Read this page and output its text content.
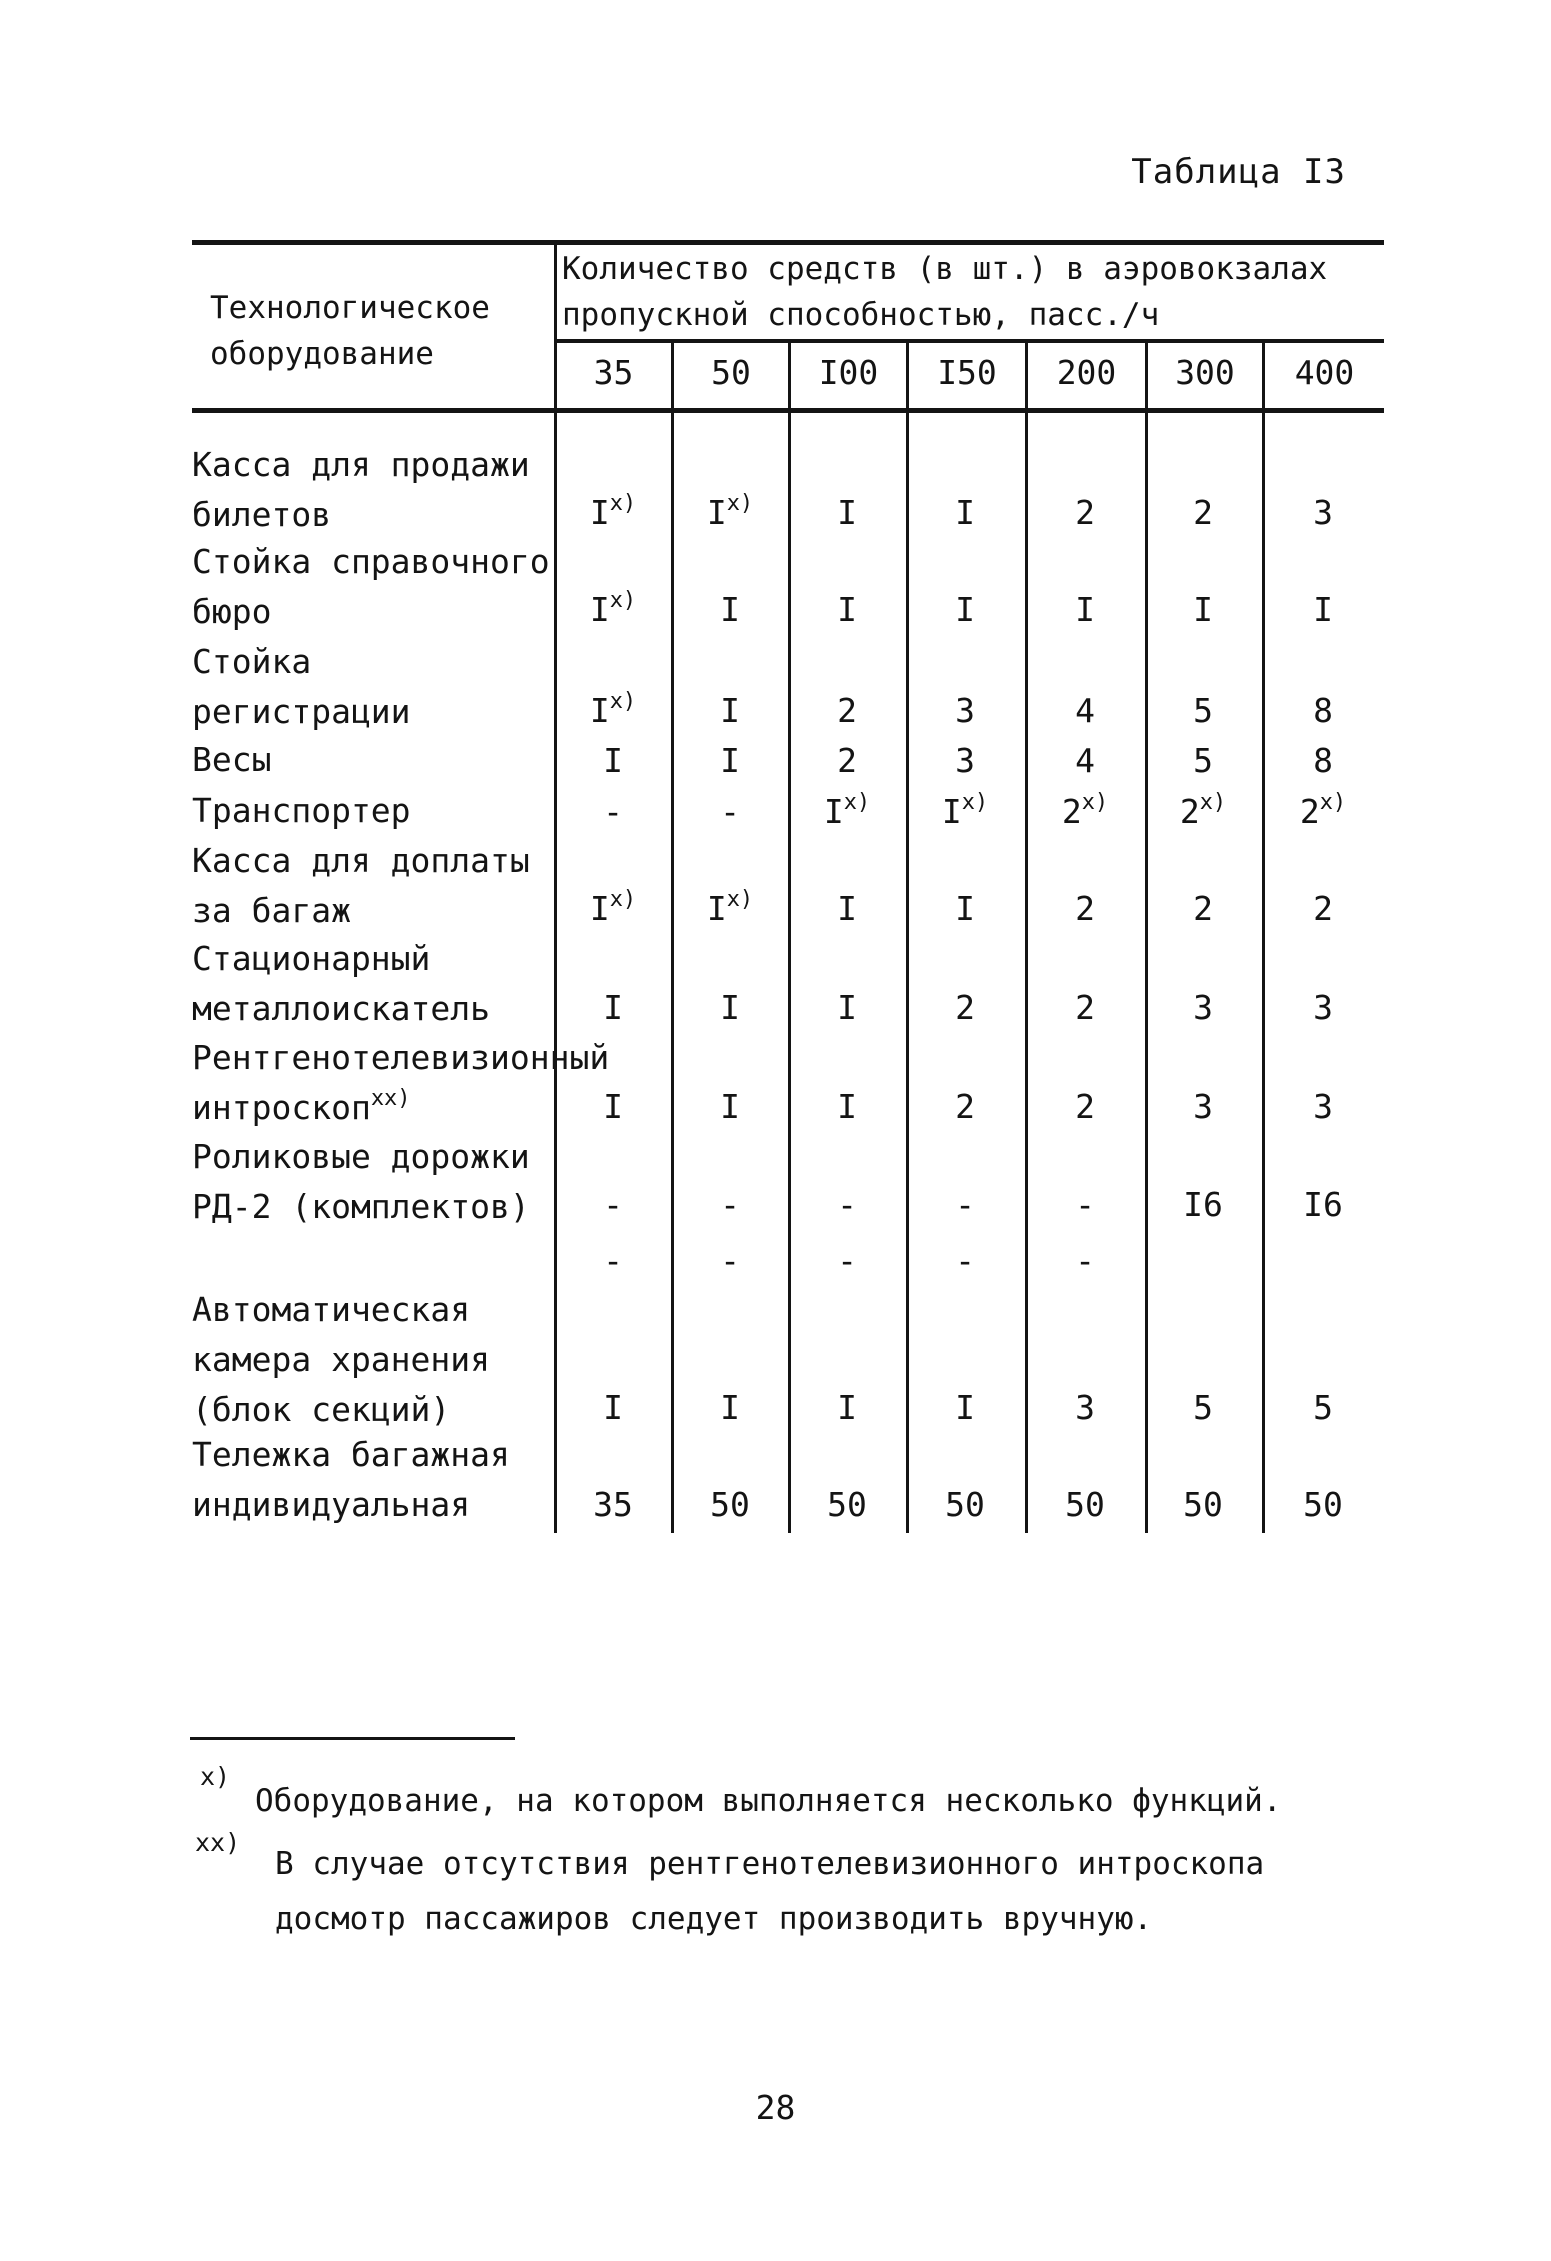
Таблица I3
Технологическое оборудование
Количество средств (в шт.) в аэровокзалах пропускной способностью, пасс./ч
35	50	I00	I50	200	300	400
Касса для продажи билетов	$I^{х)}$	$I^{х)}$	I	I	2	2	3
Стойка справочного бюро	$I^{х)}$	I	I	I	I	I	I
Стойка регистрации	$I^{х)}$	I	2	3	4	5	8
Весы	I	I	2	3	4	5	8
Транспортер	-	-	$I^{х)}$	$I^{х)}$	$2^{х)}$	$2^{х)}$	$2^{х)}$
Касса для доплаты за багаж	$I^{х)}$	$I^{х)}$	I	I	2	2	2
Стационарный металлоискатель	I	I	I	2	2	3	3
Рентгенотелевизионный интроскоп$^{хх)}$	I	I	I	2	2	3	3
Роликовые дорожки РД-2 (комплектов)	-	-	-	-	-	I6	I6
-	-	-	-	-
Автоматическая камера хранения (блок секций)	I	I	I	I	3	5	5
Тележка багажная индивидуальная	35	50	50	50	50	50	50
х)
Оборудование, на котором выполняется несколько функций.
хх)
В случае отсутствия рентгенотелевизионного интроскопа
досмотр пассажиров следует производить вручную.
28
